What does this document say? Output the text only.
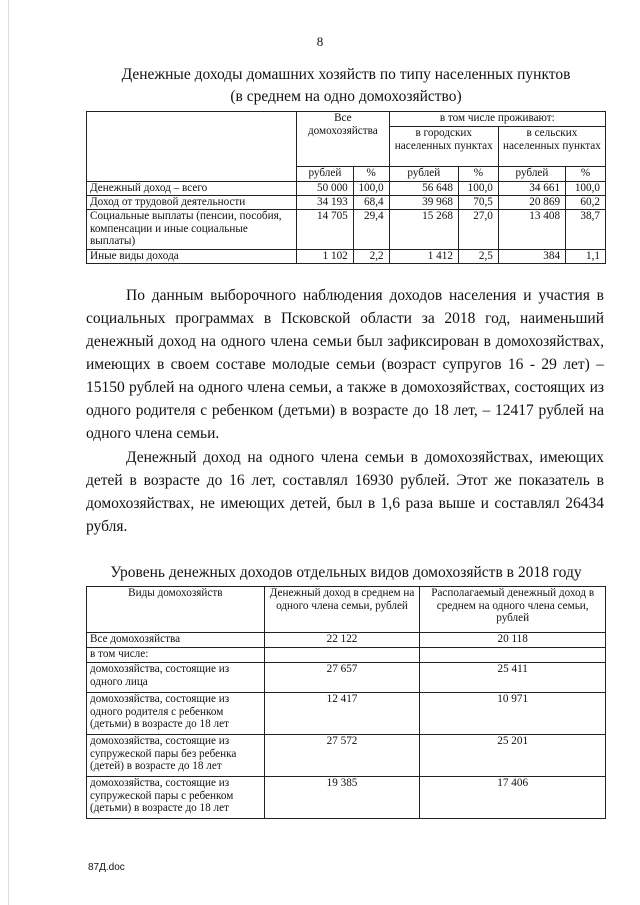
8
Денежные доходы домашних хозяйств по типу населенных пунктов
(в среднем на одно домохозяйство)
	Все домохозяйства		в том числе проживают:			
			в городских населенных пунктах		в сельских населенных пунктах	
	рублей	%	рублей	%	рублей	%
Денежный доход – всего	50 000	100,0	56 648	100,0	34 661	100,0
Доход от трудовой деятельности	34 193	68,4	39 968	70,5	20 869	60,2
Социальные выплаты (пенсии, пособия, компенсации и иные социальные выплаты)	14 705	29,4	15 268	27,0	13 408	38,7
Иные виды дохода	1 102	2,2	1 412	2,5	384	1,1

По данным выборочного наблюдения доходов населения и участия в социальных программах в Псковской области за 2018 год, наименьший денежный доход на одного члена семьи был зафиксирован в домохозяйствах, имеющих в своем составе молодые семьи (возраст супругов 16 - 29 лет) – 15150 рублей на одного члена семьи, а также в домохозяйствах, состоящих из одного родителя с ребенком (детьми) в возрасте до 18 лет, – 12417 рублей на одного члена семьи.

Денежный доход на одного члена семьи в домохозяйствах, имеющих детей в возрасте до 16 лет, составлял 16930 рублей. Этот же показатель в домохозяйствах, не имеющих детей, был в 1,6 раза выше и составлял 26434 рубля.

Уровень денежных доходов отдельных видов домохозяйств в 2018 году
Виды домохозяйств	Денежный доход в среднем на одного члена семьи, рублей	Располагаемый денежный доход в среднем на одного члена семьи, рублей
Все домохозяйства	22 122	20 118
в том числе:		
домохозяйства, состоящие из одного лица	27 657	25 411
домохозяйства, состоящие из одного родителя с ребенком (детьми) в возрасте до 18 лет	12 417	10 971
домохозяйства, состоящие из супружеской пары без ребенка (детей) в возрасте до 18 лет	27 572	25 201
домохозяйства, состоящие из супружеской пары с ребенком (детьми) в возрасте до 18 лет	19 385	17 406
87Д.doc
